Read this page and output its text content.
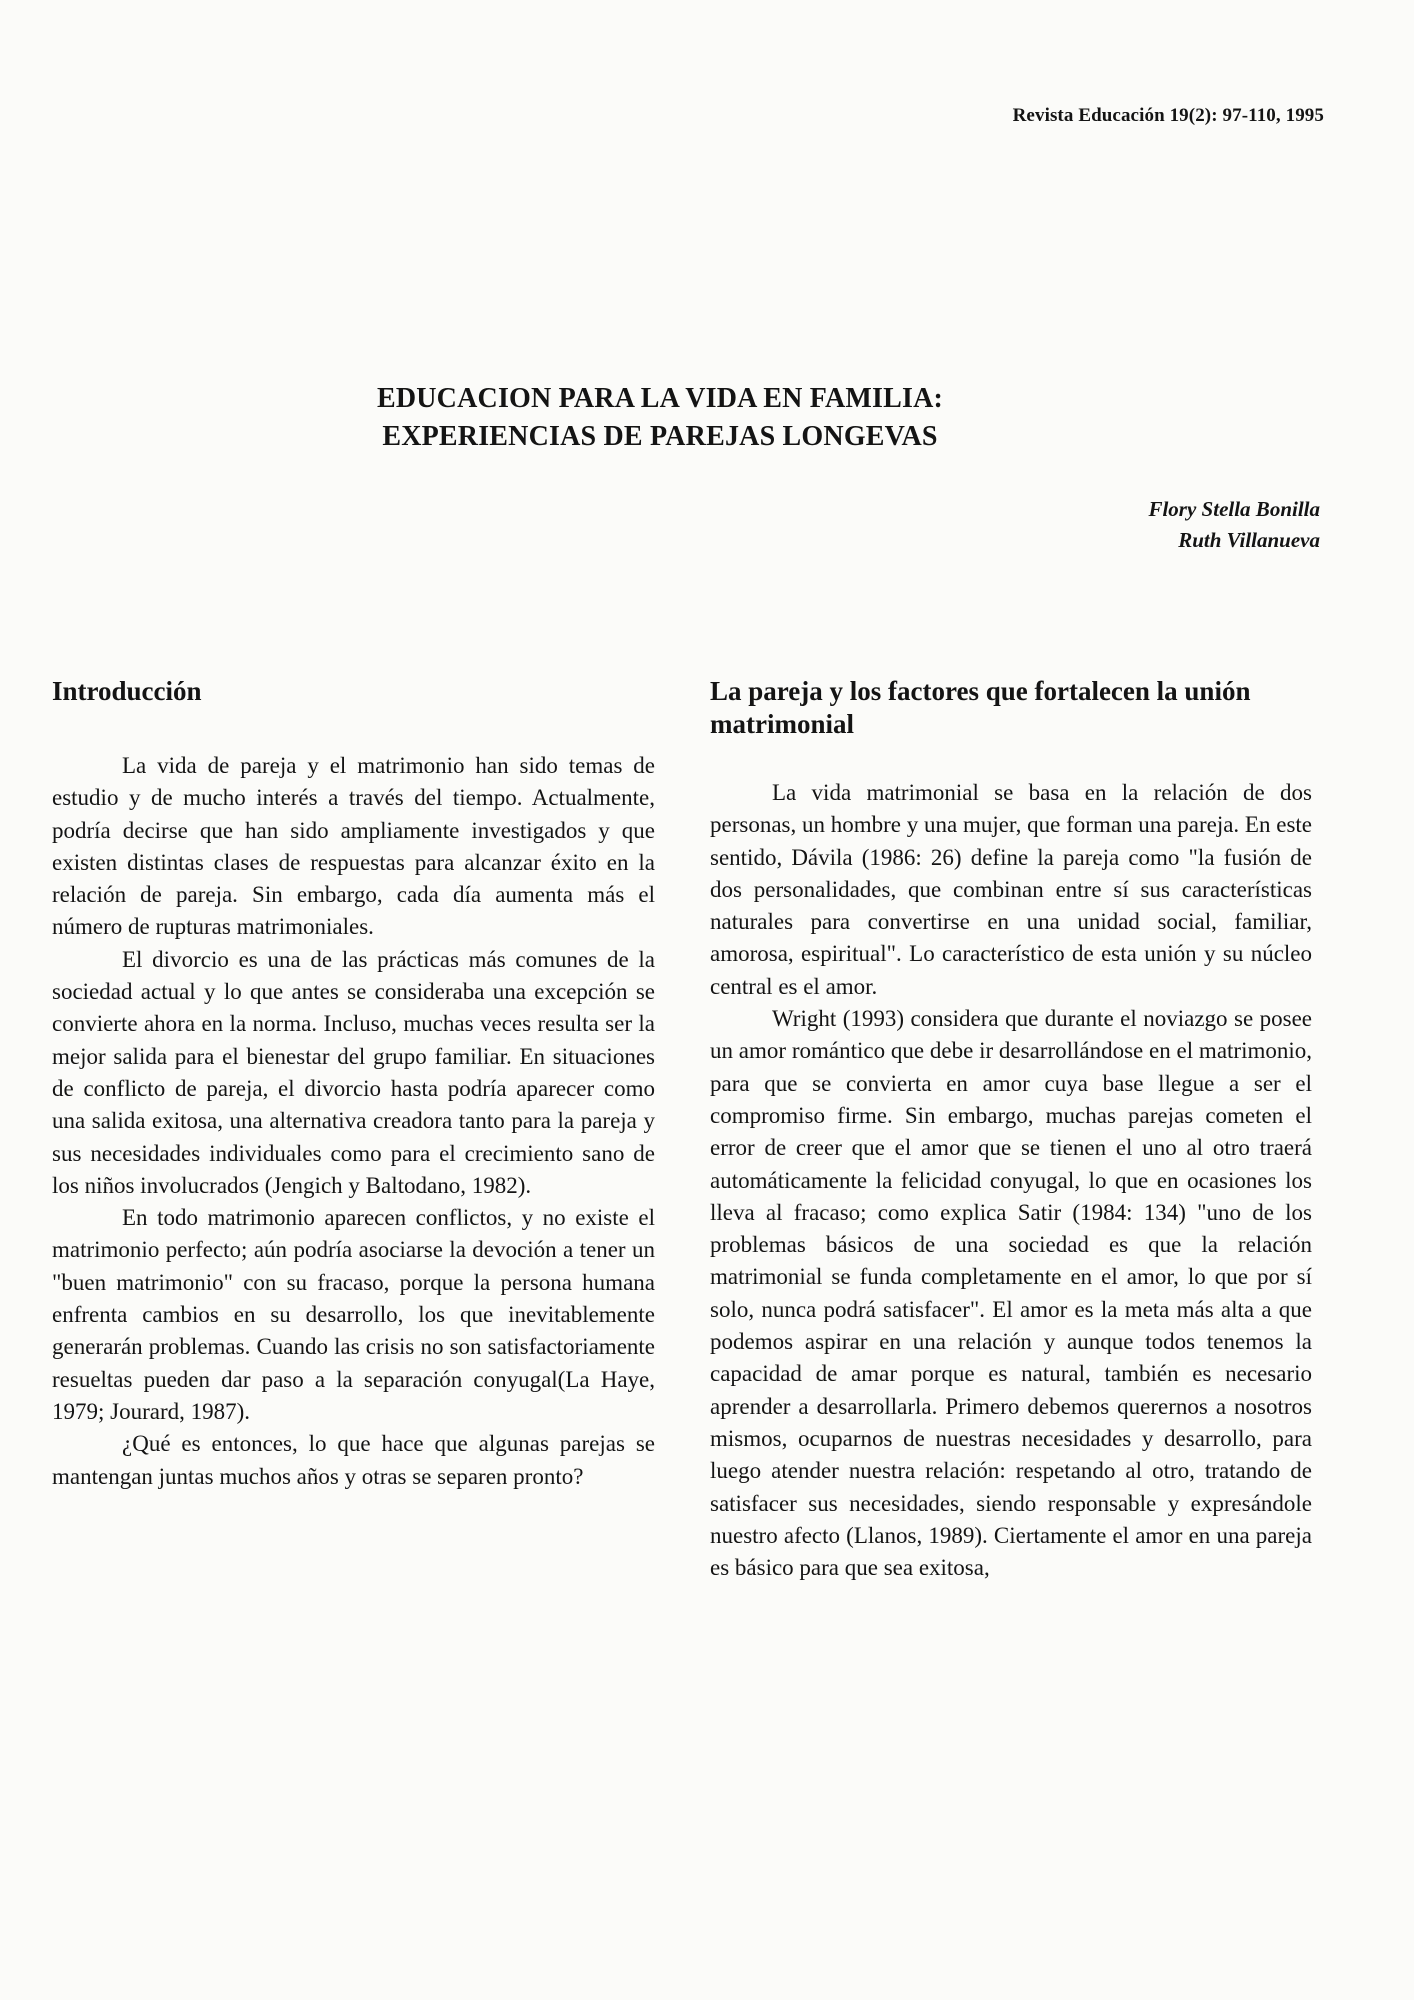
Revista Educación 19(2): 97-110, 1995
EDUCACION PARA LA VIDA EN FAMILIA:
EXPERIENCIAS DE PAREJAS LONGEVAS
Flory Stella Bonilla
Ruth Villanueva
Introducción

La vida de pareja y el matrimonio han sido temas de estudio y de mucho interés a través del tiempo. Actualmente, podría decirse que han sido ampliamente investigados y que existen distintas clases de respuestas para alcanzar éxito en la relación de pareja. Sin embargo, cada día aumenta más el número de rupturas matrimoniales.

El divorcio es una de las prácticas más comunes de la sociedad actual y lo que antes se consideraba una excepción se convierte ahora en la norma. Incluso, muchas veces resulta ser la mejor salida para el bienestar del grupo familiar. En situaciones de conflicto de pareja, el divorcio hasta podría aparecer como una salida exitosa, una alternativa creadora tanto para la pareja y sus necesidades individuales como para el crecimiento sano de los niños involucrados (Jengich y Baltodano, 1982).

En todo matrimonio aparecen conflictos, y no existe el matrimonio perfecto; aún podría asociarse la devoción a tener un "buen matrimonio" con su fracaso, porque la persona humana enfrenta cambios en su desarrollo, los que inevitablemente generarán problemas. Cuando las crisis no son satisfactoriamente resueltas pueden dar paso a la separación conyugal(La Haye, 1979; Jourard, 1987).

¿Qué es entonces, lo que hace que algunas parejas se mantengan juntas muchos años y otras se separen pronto?

La pareja y los factores que fortalecen la unión matrimonial

La vida matrimonial se basa en la relación de dos personas, un hombre y una mujer, que forman una pareja. En este sentido, Dávila (1986: 26) define la pareja como "la fusión de dos personalidades, que combinan entre sí sus características naturales para convertirse en una unidad social, familiar, amorosa, espiritual". Lo característico de esta unión y su núcleo central es el amor.

Wright (1993) considera que durante el noviazgo se posee un amor romántico que debe ir desarrollándose en el matrimonio, para que se convierta en amor cuya base llegue a ser el compromiso firme. Sin embargo, muchas parejas cometen el error de creer que el amor que se tienen el uno al otro traerá automáticamente la felicidad conyugal, lo que en ocasiones los lleva al fracaso; como explica Satir (1984: 134) "uno de los problemas básicos de una sociedad es que la relación matrimonial se funda completamente en el amor, lo que por sí solo, nunca podrá satisfacer". El amor es la meta más alta a que podemos aspirar en una relación y aunque todos tenemos la capacidad de amar porque es natural, también es necesario aprender a desarrollarla. Primero debemos querernos a nosotros mismos, ocuparnos de nuestras necesidades y desarrollo, para luego atender nuestra relación: respetando al otro, tratando de satisfacer sus necesidades, siendo responsable y expresándole nuestro afecto (Llanos, 1989). Ciertamente el amor en una pareja es básico para que sea exitosa,
